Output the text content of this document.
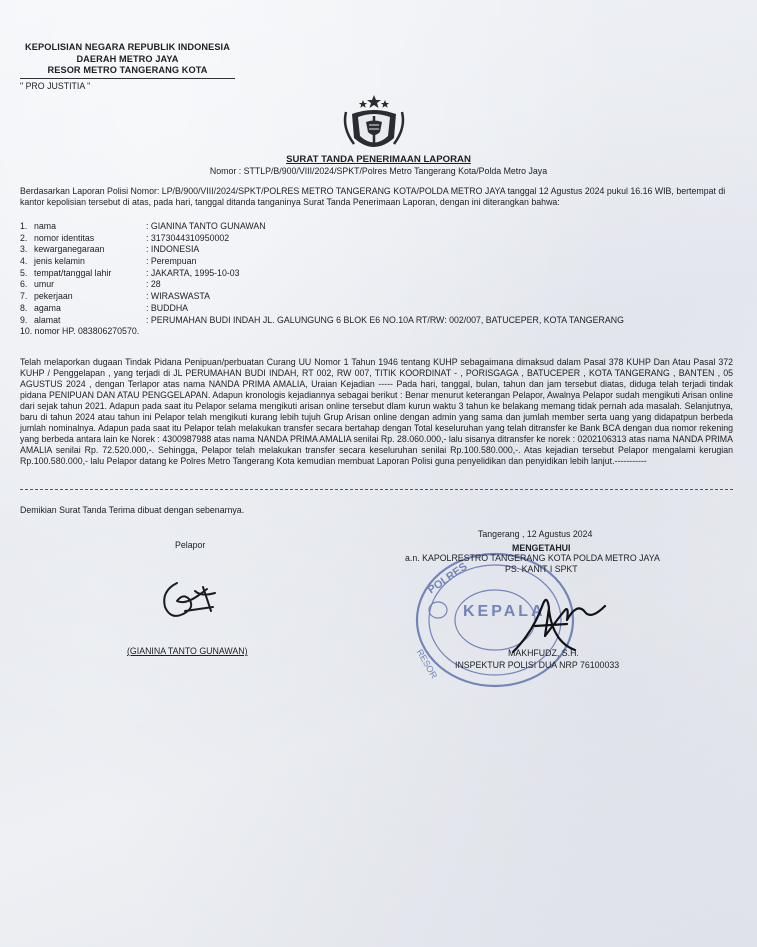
KEPOLISIAN NEGARA REPUBLIK INDONESIA
DAERAH METRO JAYA
RESOR METRO TANGERANG KOTA
" PRO JUSTITIA "
SURAT TANDA PENERIMAAN LAPORAN
Nomor : STTLP/B/900/VIII/2024/SPKT/Polres Metro Tangerang Kota/Polda Metro Jaya
Berdasarkan Laporan Polisi Nomor: LP/B/900/VIII/2024/SPKT/POLRES METRO TANGERANG KOTA/POLDA METRO JAYA tanggal 12 Agustus 2024 pukul 16.16 WIB, bertempat di kantor kepolisian tersebut di atas, pada hari, tanggal ditanda tanganinya Surat Tanda Penerimaan Laporan, dengan ini diterangkan bahwa:
1. nama	: GIANINA TANTO GUNAWAN
2. nomor identitas	: 3173044310950002
3. kewarganegaraan	: INDONESIA
4. jenis kelamin	: Perempuan
5. tempat/tanggal lahir	: JAKARTA, 1995-10-03
6. umur	: 28
7. pekerjaan	: WIRASWASTA
8. agama	: BUDDHA
9. alamat	: PERUMAHAN BUDI INDAH JL. GALUNGUNG 6 BLOK E6 NO.10A RT/RW: 002/007, BATUCEPER, KOTA TANGERANG
10. nomor HP. 083806270570.
Telah melaporkan dugaan Tindak Pidana Penipuan/perbuatan Curang UU Nomor 1 Tahun 1946 tentang KUHP sebagaimana dimaksud dalam Pasal 378 KUHP Dan Atau Pasal 372 KUHP / Penggelapan , yang terjadi di JL PERUMAHAN BUDI INDAH, RT 002, RW 007, TITIK KOORDINAT - , PORISGAGA , BATUCEPER , KOTA TANGERANG , BANTEN , 05 AGUSTUS 2024 , dengan Terlapor atas nama NANDA PRIMA AMALIA, Uraian Kejadian ----- Pada hari, tanggal, bulan, tahun dan jam tersebut diatas, diduga telah terjadi tindak pidana PENIPUAN DAN ATAU PENGGELAPAN. Adapun kronologis kejadiannya sebagai berikut : Benar menurut keterangan Pelapor, Awalnya Pelapor sudah mengikuti Arisan online dari sejak tahun 2021. Adapun pada saat itu Pelapor selama mengikuti arisan online tersebut dlam kurun waktu 3 tahun ke belakang memang tidak pernah ada masalah. Selanjutnya, baru di tahun 2024 atau tahun ini Pelapor telah mengikuti kurang lebih tujuh Grup Arisan online dengan admin yang sama dan jumlah member serta uang yang didapatpun berbeda jumlah nominalnya. Adapun pada saat itu Pelapor telah melakukan transfer secara bertahap dengan Total keseluruhan yang telah ditransfer ke Bank BCA dengan dua nomor rekening yang berbeda antara lain ke Norek : 4300987988 atas nama NANDA PRIMA AMALIA senilai Rp. 28.060.000,- lalu sisanya ditransfer ke norek : 0202106313 atas nama NANDA PRIMA AMALIA senilai Rp. 72.520.000,-. Sehingga, Pelapor telah melakukan transfer secara keseluruhan senilai Rp.100.580.000,-. Atas kejadian tersebut Pelapor mengalami kerugian Rp.100.580.000,- lalu Pelapor datang ke Polres Metro Tangerang Kota kemudian membuat Laporan Polisi guna penyelidikan dan penyidikan lebih lanjut.-----------
Demikian Surat Tanda Terima dibuat dengan sebenarnya.
Pelapor
(GIANINA TANTO GUNAWAN)
POLRES
KEPALA
RESOR
Tangerang , 12 Agustus 2024
MENGETAHUI
a.n. KAPOLRESTRO TANGERANG KOTA POLDA METRO JAYA
PS. KANIT I SPKT
MAKHFUDZ, S.H.
INSPEKTUR POLISI DUA NRP 76100033
